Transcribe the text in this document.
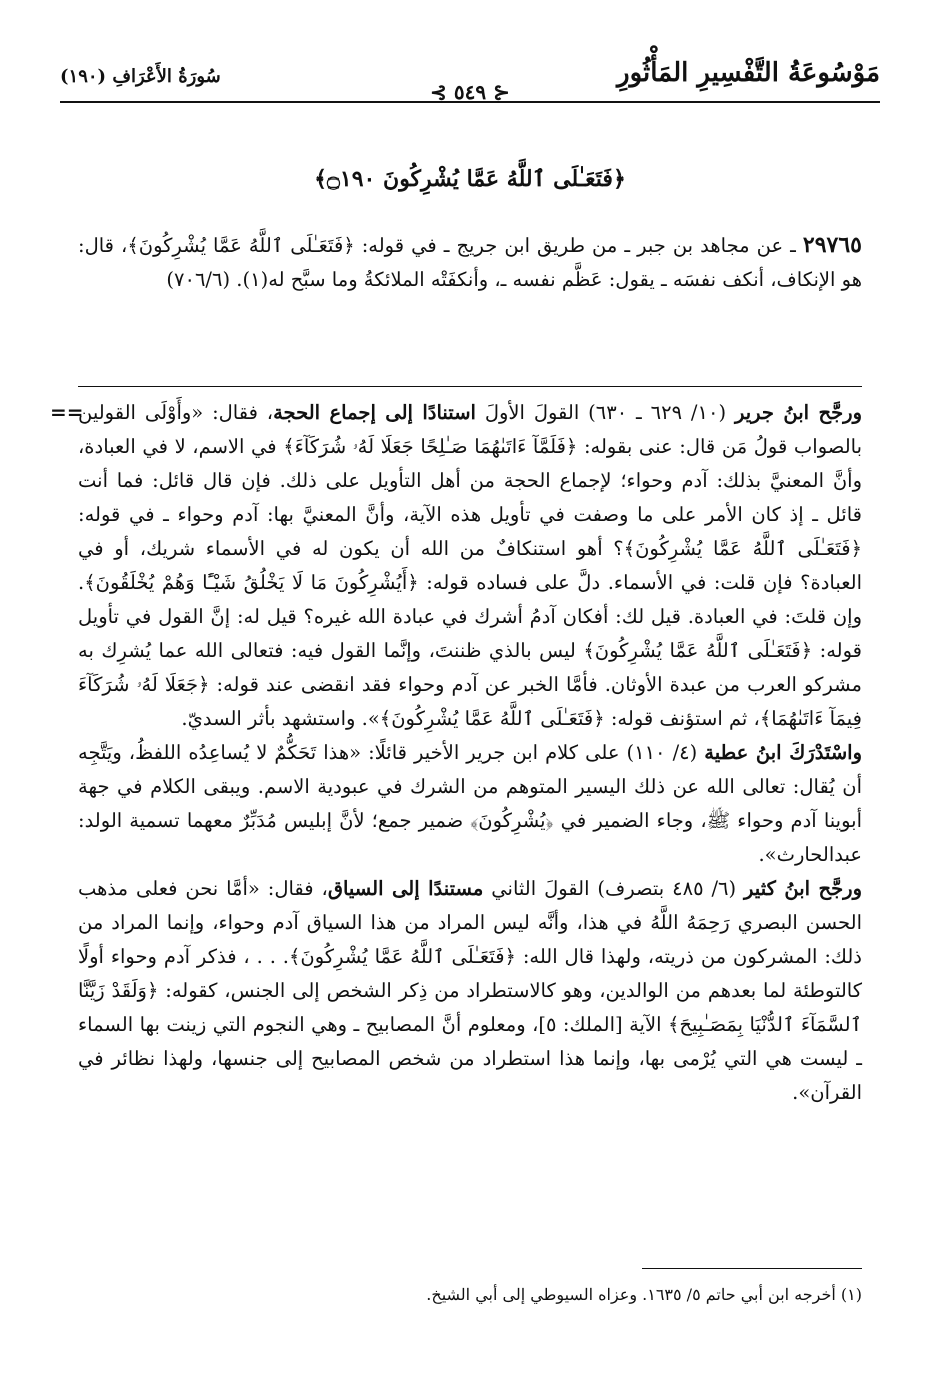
مَوْسُوعَةُ التَّفْسِيرِ المَأْثُورِ
سُورَةُ الأَعْرَافِ (١٩٠)
⊰ ٥٤٩ ⊱
﴿فَتَعَـٰلَى ٱللَّهُ عَمَّا يُشْرِكُونَ ۝١٩٠﴾

٢٩٧٦٥ ـ عن مجاهد بن جبر ـ من طريق ابن جريج ـ في قوله: ﴿فَتَعَـٰلَى ٱللَّهُ عَمَّا يُشْرِكُونَ﴾، قال: هو الإنكاف، أنكف نفسَه ـ يقول: عَظَّم نفسه ـ، وأنكفَتْه الملائكةُ وما سبَّح له(١). (٧٠٦/٦)

==	ورجَّح ابنُ جرير (١٠/ ٦٢٩ ـ ٦٣٠) القولَ الأولَ استنادًا إلى إجماع الحجة، فقال: «وأَوْلَى القولين بالصواب قولُ مَن قال: عنى بقوله: ﴿فَلَمَّآ ءَاتَىٰهُمَا صَـٰلِحًا جَعَلَا لَهُۥ شُرَكَآءَ﴾ في الاسم، لا في العبادة، وأنَّ المعنيَّ بذلك: آدم وحواء؛ لإجماع الحجة من أهل التأويل على ذلك. فإن قال قائل: فما أنت قائل ـ إذ كان الأمر على ما وصفت في تأويل هذه الآية، وأنَّ المعنيَّ بها: آدم وحواء ـ في قوله: ﴿فَتَعَـٰلَى ٱللَّهُ عَمَّا يُشْرِكُونَ﴾؟ أهو استنكافٌ من الله أن يكون له في الأسماء شريك، أو في العبادة؟ فإن قلت: في الأسماء. دلَّ على فساده قوله: ﴿أَيُشْرِكُونَ مَا لَا يَخْلُقُ شَيْـًٔا وَهُمْ يُخْلَقُونَ﴾. وإن قلتَ: في العبادة. قيل لك: أفكان آدمُ أشرك في عبادة الله غيره؟ قيل له: إنَّ القول في تأويل قوله: ﴿فَتَعَـٰلَى ٱللَّهُ عَمَّا يُشْرِكُونَ﴾ ليس بالذي ظننتَ، وإنَّما القول فيه: فتعالى الله عما يُشرِك به مشركو العرب من عبدة الأوثان. فأمَّا الخبر عن آدم وحواء فقد انقضى عند قوله: ﴿جَعَلَا لَهُۥ شُرَكَآءَ فِيمَآ ءَاتَىٰهُمَا﴾، ثم استؤنف قوله: ﴿فَتَعَـٰلَى ٱللَّهُ عَمَّا يُشْرِكُونَ﴾». واستشهد بأثر السديّ.

واسْتَدْرَكَ ابنُ عطية (٤/ ١١٠) على كلام ابن جرير الأخير قائلًا: «هذا تَحَكُّمٌ لا يُساعِدُه اللفظُ، ويَتَّجِه أن يُقال: تعالى الله عن ذلك اليسير المتوهم من الشرك في عبودية الاسم. ويبقى الكلام في جهة أبوينا آدم وحواء ﷺ، وجاء الضمير في ﴿يُشْرِكُونَ﴾ ضمير جمع؛ لأنَّ إبليس مُدَبِّرٌ معهما تسمية الولد: عبدالحارث».

ورجَّح ابنُ كثير (٦/ ٤٨٥ بتصرف) القولَ الثاني مستندًا إلى السياق، فقال: «أمَّا نحن فعلى مذهب الحسن البصري رَحِمَهُ اللَّهُ في هذا، وأنَّه ليس المراد من هذا السياق آدم وحواء، وإنما المراد من ذلك: المشركون من ذريته، ولهذا قال الله: ﴿فَتَعَـٰلَى ٱللَّهُ عَمَّا يُشْرِكُونَ﴾. . . ، فذكر آدم وحواء أولًا كالتوطئة لما بعدهم من الوالدين، وهو كالاستطراد من ذِكر الشخص إلى الجنس، كقوله: ﴿وَلَقَدْ زَيَّنَّا ٱلسَّمَآءَ ٱلدُّنْيَا بِمَصَـٰبِيحَ﴾ الآية [الملك: ٥]، ومعلوم أنَّ المصابيح ـ وهي النجوم التي زينت بها السماء ـ ليست هي التي يُرْمى بها، وإنما هذا استطراد من شخص المصابيح إلى جنسها، ولهذا نظائر في القرآن».

(١) أخرجه ابن أبي حاتم ٥/ ١٦٣٥. وعزاه السيوطي إلى أبي الشيخ.
